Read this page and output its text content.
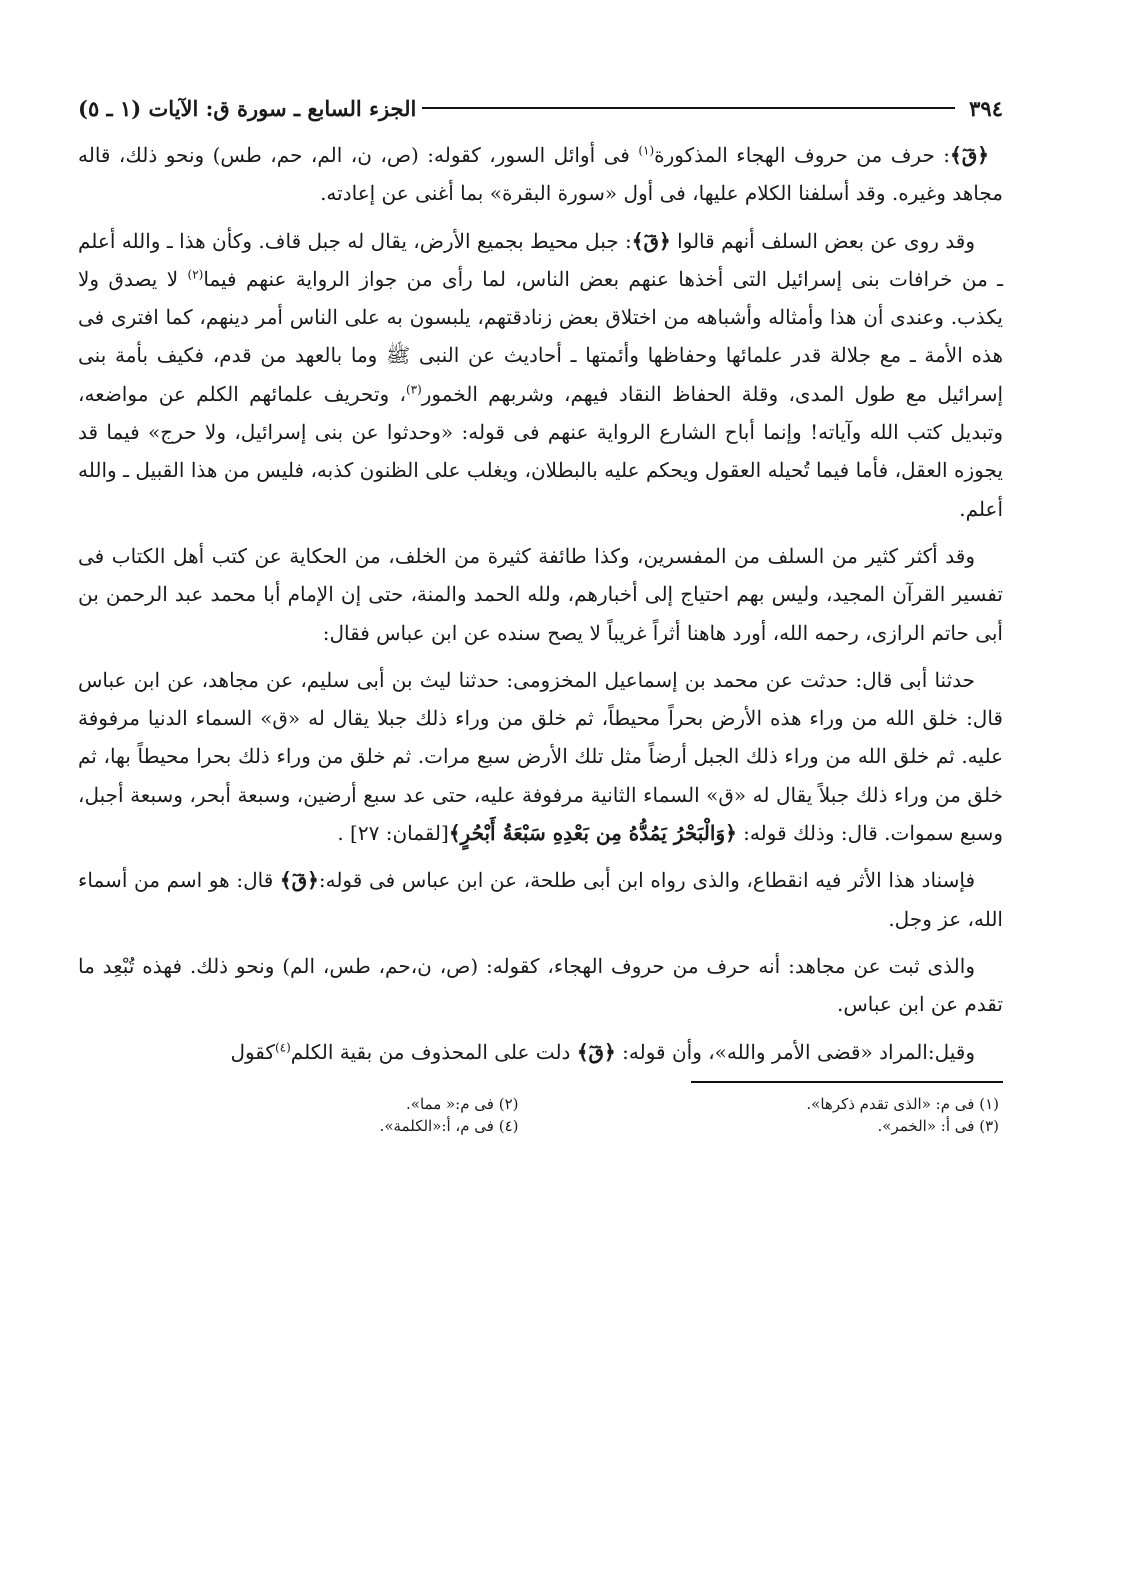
٣٩٤
الجزء السابع ـ سورة ق: الآيات (١ ـ ٥)

﴿قٓ﴾: حرف من حروف الهجاء المذكورة$^{(١)}$ فى أوائل السور، كقوله: (ص، ن، الم، حم، طس) ونحو ذلك، قاله مجاهد وغيره. وقد أسلفنا الكلام عليها، فى أول «سورة البقرة» بما أغنى عن إعادته.

وقد روى عن بعض السلف أنهم قالوا ﴿قٓ﴾: جبل محيط بجميع الأرض، يقال له جبل قاف. وكأن هذا ـ والله أعلم ـ من خرافات بنى إسرائيل التى أخذها عنهم بعض الناس، لما رأى من جواز الرواية عنهم فيما$^{(٢)}$ لا يصدق ولا يكذب. وعندى أن هذا وأمثاله وأشباهه من اختلاق بعض زنادقتهم، يلبسون به على الناس أمر دينهم، كما افترى فى هذه الأمة ـ مع جلالة قدر علمائها وحفاظها وأئمتها ـ أحاديث عن النبى ﷺ وما بالعهد من قدم، فكيف بأمة بنى إسرائيل مع طول المدى، وقلة الحفاظ النقاد فيهم، وشربهم الخمور$^{(٣)}$، وتحريف علمائهم الكلم عن مواضعه، وتبديل كتب الله وآياته! وإنما أباح الشارع الرواية عنهم فى قوله: «وحدثوا عن بنى إسرائيل، ولا حرج» فيما قد يجوزه العقل، فأما فيما تُحيله العقول ويحكم عليه بالبطلان، ويغلب على الظنون كذبه، فليس من هذا القبيل ـ والله أعلم.

وقد أكثر كثير من السلف من المفسرين، وكذا طائفة كثيرة من الخلف، من الحكاية عن كتب أهل الكتاب فى تفسير القرآن المجيد، وليس بهم احتياج إلى أخبارهم، ولله الحمد والمنة، حتى إن الإمام أبا محمد عبد الرحمن بن أبى حاتم الرازى، رحمه الله، أورد هاهنا أثراً غريباً لا يصح سنده عن ابن عباس فقال:

حدثنا أبى قال: حدثت عن محمد بن إسماعيل المخزومى: حدثنا ليث بن أبى سليم، عن مجاهد، عن ابن عباس قال: خلق الله من وراء هذه الأرض بحراً محيطاً، ثم خلق من وراء ذلك جبلا يقال له «ق» السماء الدنيا مرفوفة عليه. ثم خلق الله من وراء ذلك الجبل أرضاً مثل تلك الأرض سبع مرات. ثم خلق من وراء ذلك بحرا محيطاً بها، ثم خلق من وراء ذلك جبلاً يقال له «ق» السماء الثانية مرفوفة عليه، حتى عد سبع أرضين، وسبعة أبحر، وسبعة أجبل، وسبع سموات. قال: وذلك قوله: ﴿وَالْبَحْرُ يَمُدُّهُ مِن بَعْدِهِ سَبْعَةُ أَبْحُرٍ﴾[لقمان: ٢٧] .

فإسناد هذا الأثر فيه انقطاع، والذى رواه ابن أبى طلحة، عن ابن عباس فى قوله:﴿قٓ﴾ قال: هو اسم من أسماء الله، عز وجل.

والذى ثبت عن مجاهد: أنه حرف من حروف الهجاء، كقوله: (ص، ن،حم، طس، الم) ونحو ذلك. فهذه تُبْعِد ما تقدم عن ابن عباس.

وقيل:المراد «قضى الأمر والله»، وأن قوله: ﴿قٓ﴾ دلت على المحذوف من بقية الكلم$^{(٤)}$كقول

(١) فى م: «الذى تقدم ذكرها».
(٢) فى م:« مما».
(٣) فى أ: «الخمر».
(٤) فى م، أ:«الكلمة».
